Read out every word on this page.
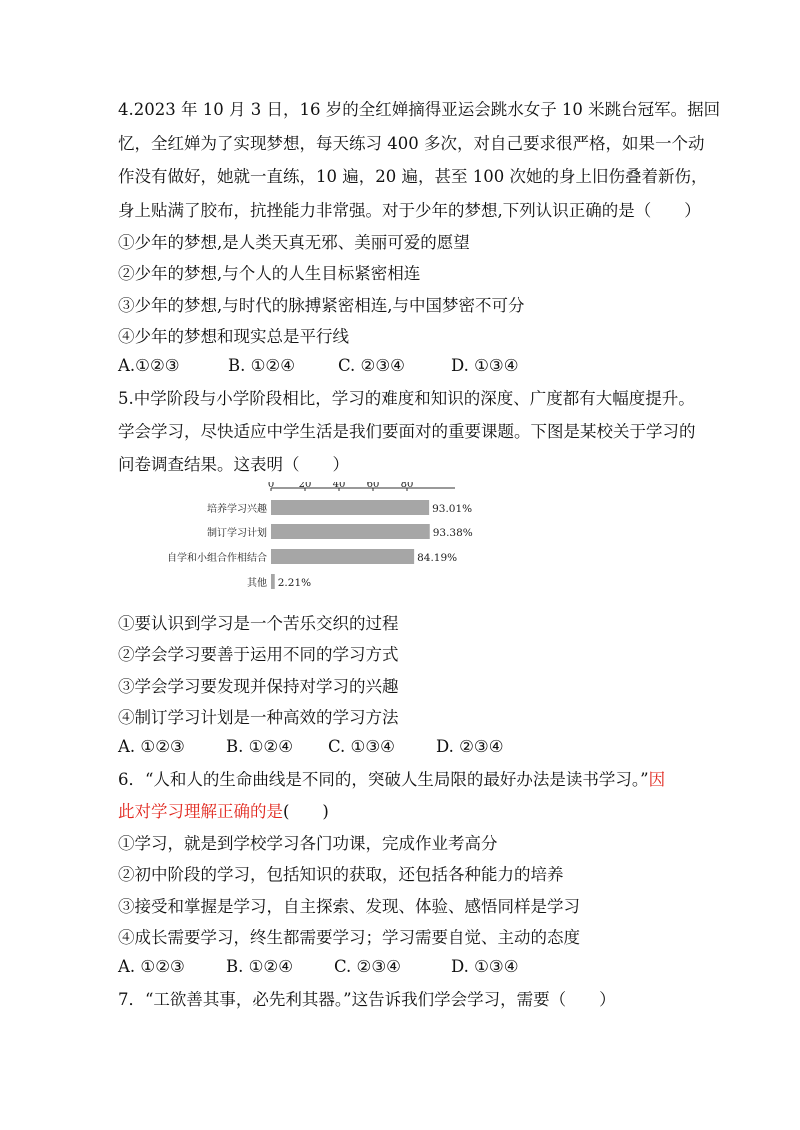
4.2023 年 10 月 3 日，16 岁的全红婵摘得亚运会跳水女子 10 米跳台冠军。据回
忆，全红婵为了实现梦想，每天练习 400 多次，对自己要求很严格，如果一个动
作没有做好，她就一直练，10 遍，20 遍，甚至 100 次她的身上旧伤叠着新伤，
身上贴满了胶布，抗挫能力非常强。对于少年的梦想,下列认识正确的是（　　）
①少年的梦想,是人类天真无邪、美丽可爱的愿望
②少年的梦想,与个人的人生目标紧密相连
③少年的梦想,与时代的脉搏紧密相连,与中国梦密不可分
④少年的梦想和现实总是平行线
A.①②③	B. ①②④	C. ②③④	D. ①③④
5.中学阶段与小学阶段相比，学习的难度和知识的深度、广度都有大幅度提升。
学会学习，尽快适应中学生活是我们要面对的重要课题。下图是某校关于学习的
问卷调查结果。这表明（　　）
①要认识到学习是一个苦乐交织的过程
②学会学习要善于运用不同的学习方式
③学会学习要发现并保持对学习的兴趣
④制订学习计划是一种高效的学习方法
A. ①②③ B. ①②④ C. ①③④ D. ②③④
6．“人和人的生命曲线是不同的，突破人生局限的最好办法是读书学习。”因
此对学习理解正确的是(　　)
①学习，就是到学校学习各门功课，完成作业考高分
②初中阶段的学习，包括知识的获取，还包括各种能力的培养
③接受和掌握是学习，自主探索、发现、体验、感悟同样是学习
④成长需要学习，终生都需要学习；学习需要自觉、主动的态度
A. ①②③ B. ①②④ C. ②③④	D. ①③④
7．“工欲善其事，必先利其器。”这告诉我们学会学习，需要（　　）
0 20 40 60 80
培养学习兴趣	93.01%
制订学习计划	93.38%
自学和小组合作相结合	84.19%
其他 2.21%
